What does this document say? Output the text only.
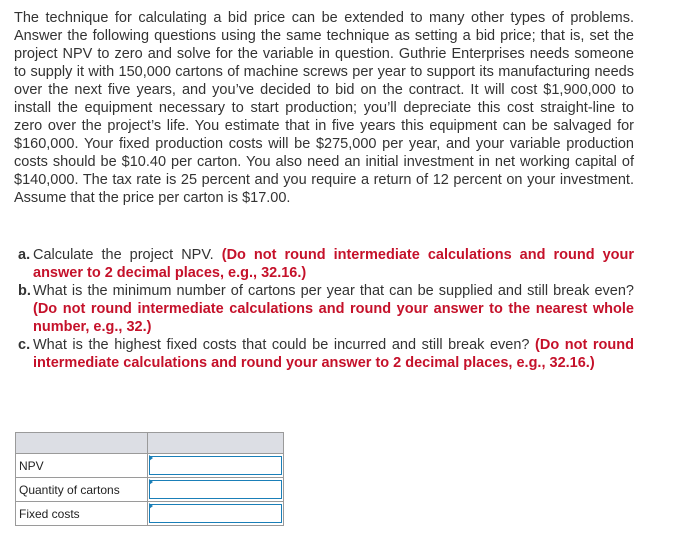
The technique for calculating a bid price can be extended to many other types of problems. Answer the following questions using the same technique as setting a bid price; that is, set the project NPV to zero and solve for the variable in question. Guthrie Enterprises needs someone to supply it with 150,000 cartons of machine screws per year to support its manufacturing needs over the next five years, and you’ve decided to bid on the contract. It will cost $1,900,000 to install the equipment necessary to start production; you’ll depreciate this cost straight-line to zero over the project’s life. You estimate that in five years this equipment can be salvaged for $160,000. Your fixed production costs will be $275,000 per year, and your variable production costs should be $10.40 per carton. You also need an initial investment in net working capital of $140,000. The tax rate is 25 percent and you require a return of 12 percent on your investment. Assume that the price per carton is $17.00.

a. Calculate the project NPV. (Do not round intermediate calculations and round your answer to 2 decimal places, e.g., 32.16.)
b. What is the minimum number of cartons per year that can be supplied and still break even? (Do not round intermediate calculations and round your answer to the nearest whole number, e.g., 32.)
c. What is the highest fixed costs that could be incurred and still break even? (Do not round intermediate calculations and round your answer to 2 decimal places, e.g., 32.16.)

NPV	

Quantity of cartons	

Fixed costs	
